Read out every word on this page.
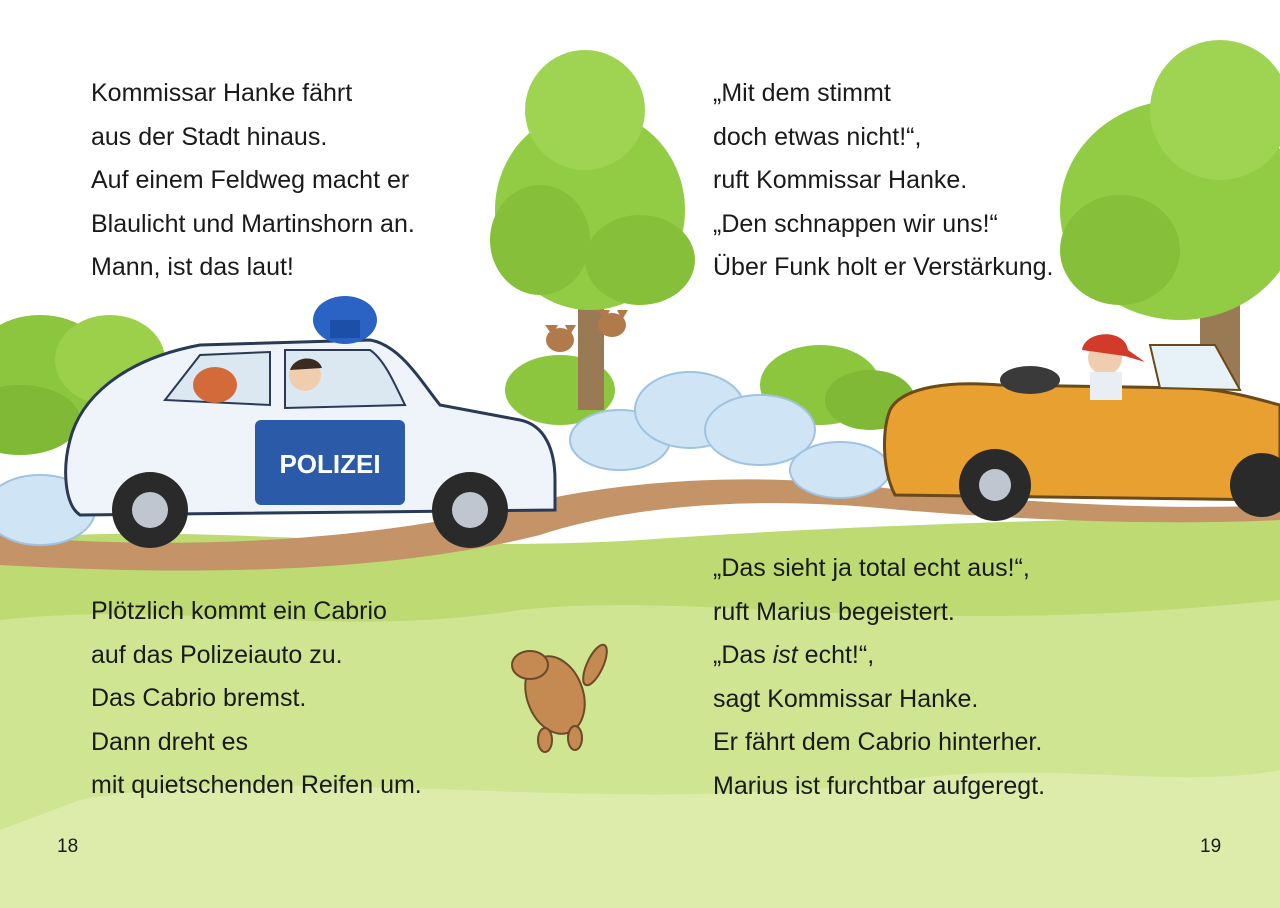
POLIZEI
Kommissar Hanke fährt
aus der Stadt hinaus.
Auf einem Feldweg macht er
Blaulicht und Martinshorn an.
Mann, ist das laut!
„Mit dem stimmt
doch etwas nicht!“,
ruft Kommissar Hanke.
„Den schnappen wir uns!“
Über Funk holt er Verstärkung.
Plötzlich kommt ein Cabrio
auf das Polizeiauto zu.
Das Cabrio bremst.
Dann dreht es
mit quietschenden Reifen um.
„Das sieht ja total echt aus!“,
ruft Marius begeistert.
„Das ist echt!“,
sagt Kommissar Hanke.
Er fährt dem Cabrio hinterher.
Marius ist furchtbar aufgeregt.
18	19
